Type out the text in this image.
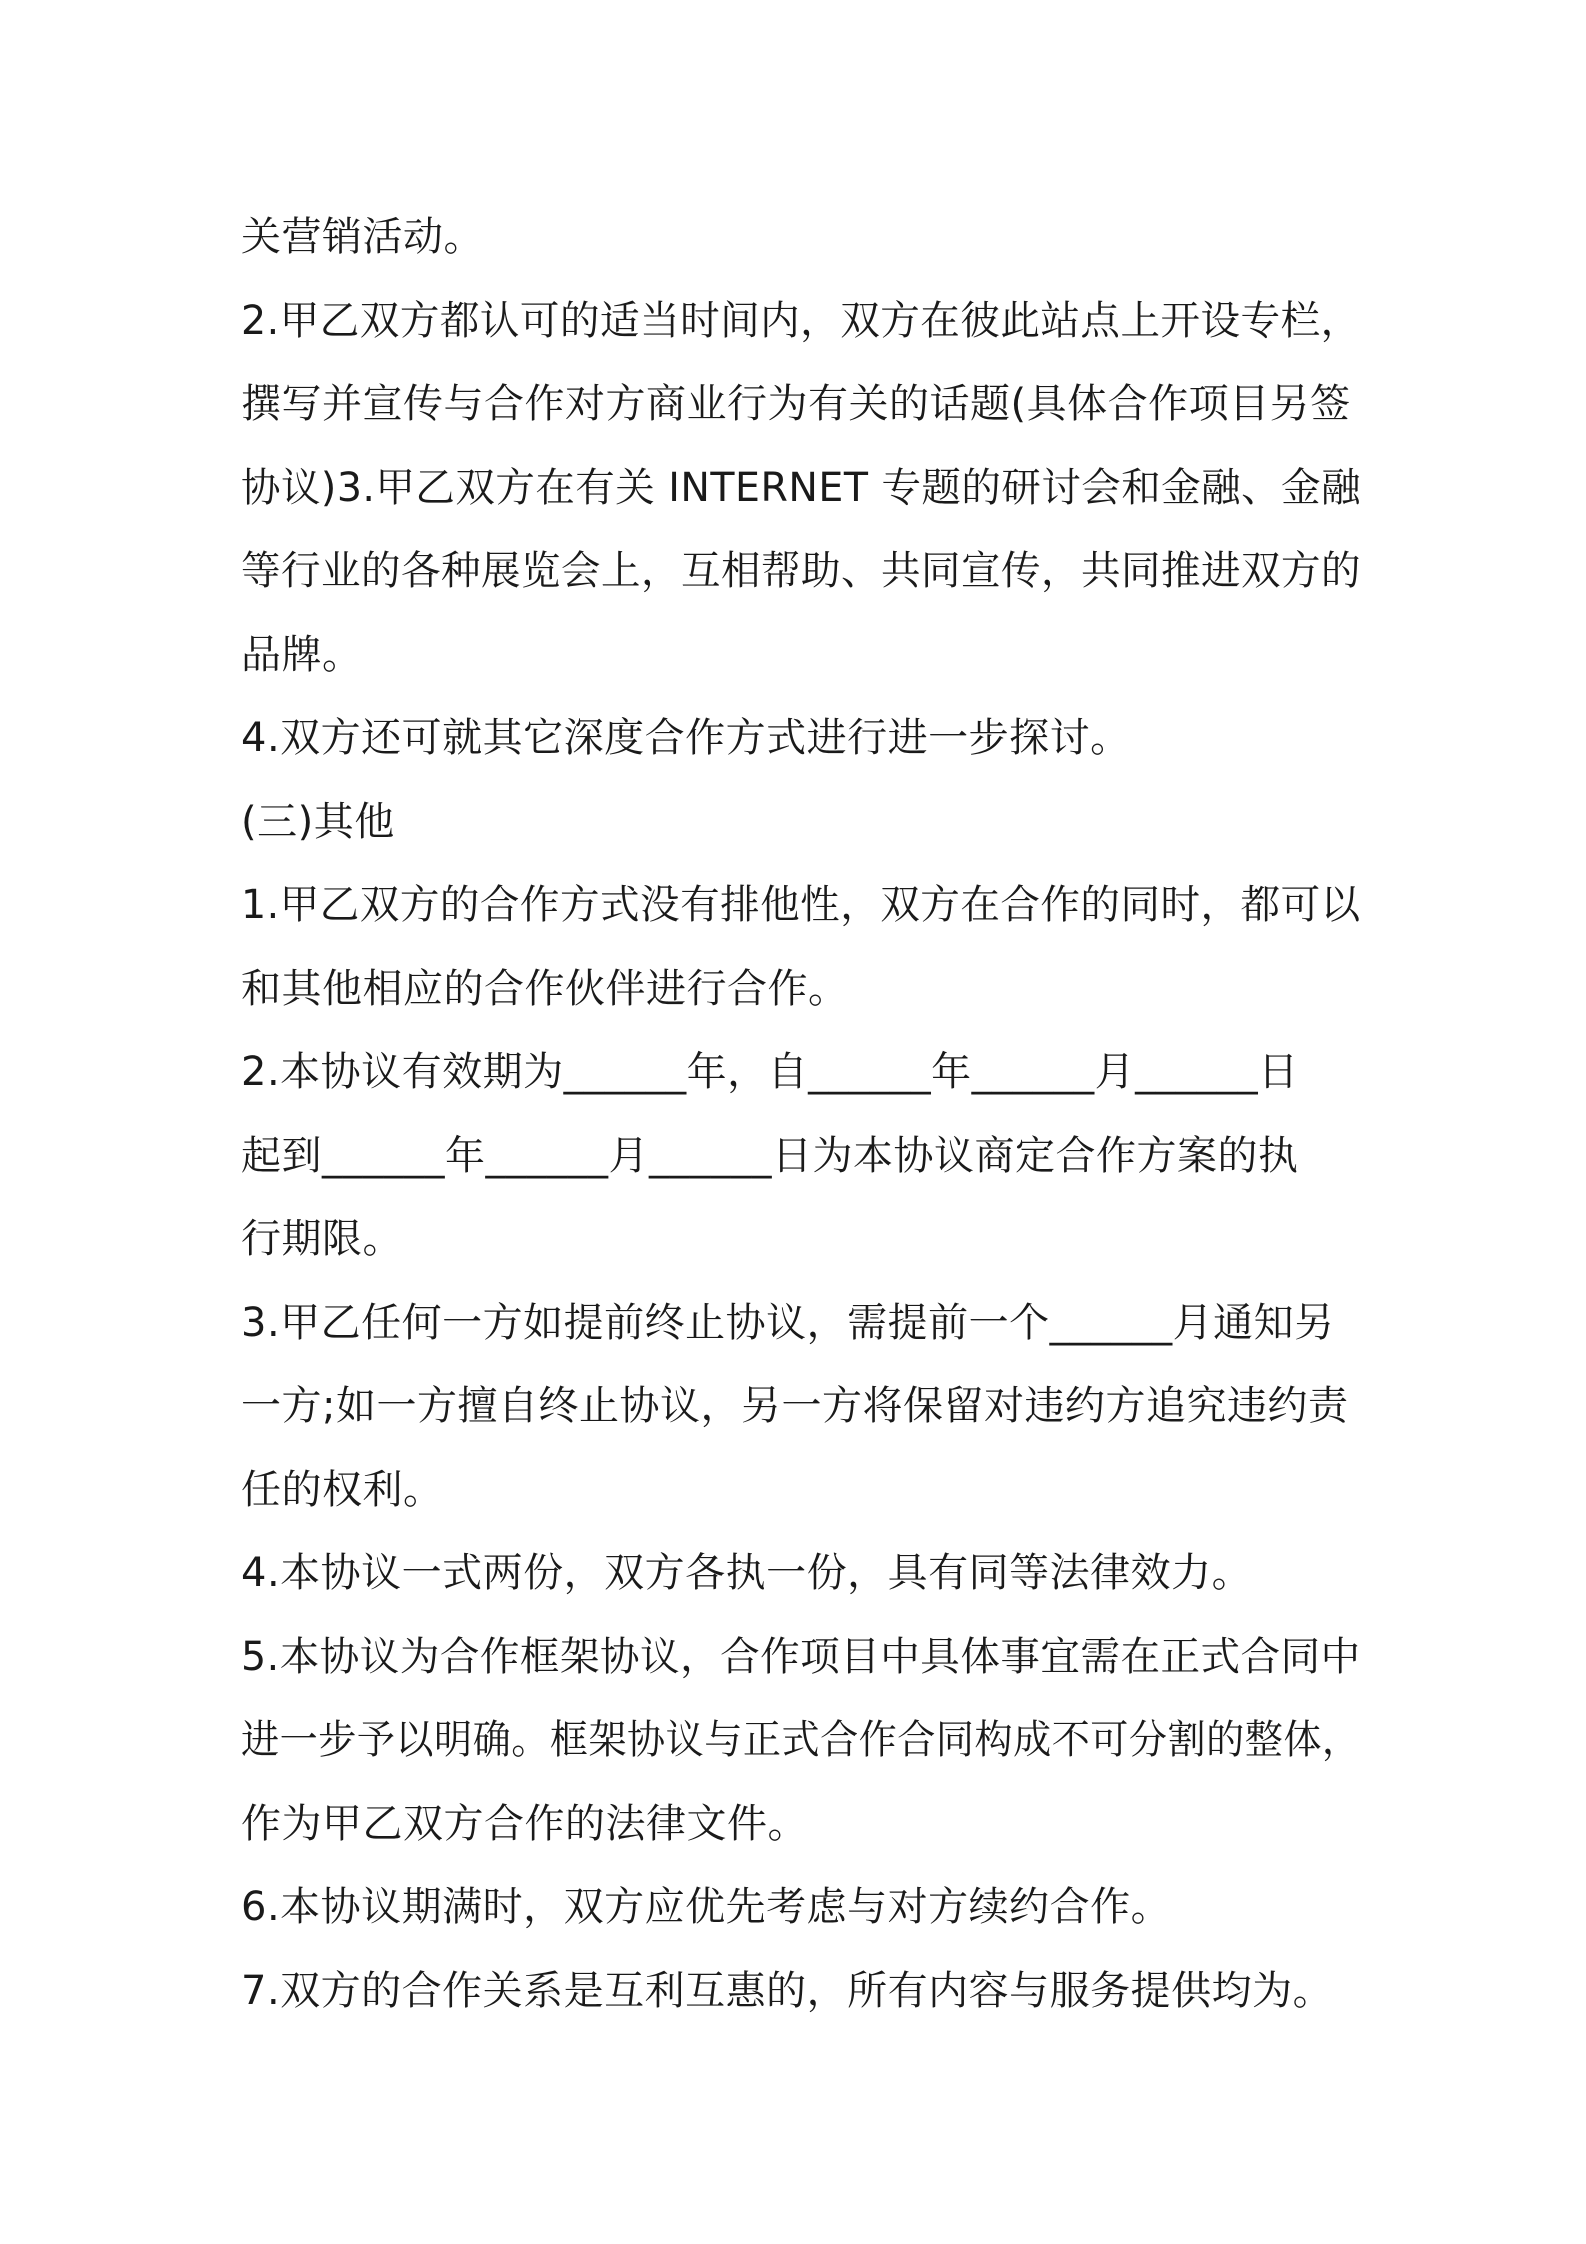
关营销活动。
2.甲乙双方都认可的适当时间内，双方在彼此站点上开设专栏，
撰写并宣传与合作对方商业行为有关的话题(具体合作项目另签
协议)3.甲乙双方在有关 INTERNET 专题的研讨会和金融、金融
等行业的各种展览会上，互相帮助、共同宣传，共同推进双方的
品牌。
4.双方还可就其它深度合作方式进行进一步探讨。
(三)其他
1.甲乙双方的合作方式没有排他性，双方在合作的同时，都可以
和其他相应的合作伙伴进行合作。
2.本协议有效期为______年，自______年______月______日
起到______年______月______日为本协议商定合作方案的执
行期限。
3.甲乙任何一方如提前终止协议，需提前一个______月通知另
一方;如一方擅自终止协议，另一方将保留对违约方追究违约责
任的权利。
4.本协议一式两份，双方各执一份，具有同等法律效力。
5.本协议为合作框架协议，合作项目中具体事宜需在正式合同中
进一步予以明确。框架协议与正式合作合同构成不可分割的整体，
作为甲乙双方合作的法律文件。
6.本协议期满时，双方应优先考虑与对方续约合作。
7.双方的合作关系是互利互惠的，所有内容与服务提供均为。
